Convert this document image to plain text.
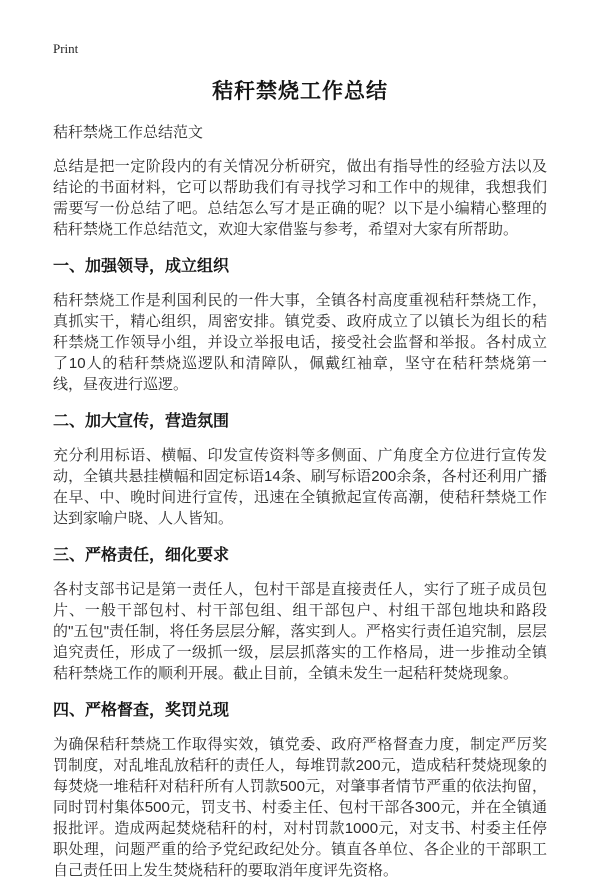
Print
秸秆禁烧工作总结
秸秆禁烧工作总结范文

总结是把一定阶段内的有关情况分析研究，做出有指导性的经验方法以及结论的书面材料，它可以帮助我们有寻找学习和工作中的规律，我想我们需要写一份总结了吧。总结怎么写才是正确的呢？以下是小编精心整理的秸秆禁烧工作总结范文，欢迎大家借鉴与参考，希望对大家有所帮助。

一、加强领导，成立组织

秸秆禁烧工作是利国利民的一件大事，全镇各村高度重视秸秆禁烧工作，真抓实干，精心组织，周密安排。镇党委、政府成立了以镇长为组长的秸秆禁烧工作领导小组，并设立举报电话，接受社会监督和举报。各村成立了10人的秸秆禁烧巡逻队和清障队，佩戴红袖章，坚守在秸秆禁烧第一线，昼夜进行巡逻。

二、加大宣传，营造氛围

充分利用标语、横幅、印发宣传资料等多侧面、广角度全方位进行宣传发动，全镇共悬挂横幅和固定标语14条、刷写标语200余条，各村还利用广播在早、中、晚时间进行宣传，迅速在全镇掀起宣传高潮，使秸秆禁烧工作达到家喻户晓、人人皆知。

三、严格责任，细化要求

各村支部书记是第一责任人，包村干部是直接责任人，实行了班子成员包片、一般干部包村、村干部包组、组干部包户、村组干部包地块和路段的"五包"责任制，将任务层层分解，落实到人。严格实行责任追究制，层层追究责任，形成了一级抓一级，层层抓落实的工作格局，进一步推动全镇秸秆禁烧工作的顺利开展。截止目前，全镇未发生一起秸秆焚烧现象。

四、严格督查，奖罚兑现

为确保秸秆禁烧工作取得实效，镇党委、政府严格督查力度，制定严厉奖罚制度，对乱堆乱放秸秆的责任人，每堆罚款200元，造成秸秆焚烧现象的每焚烧一堆秸秆对秸秆所有人罚款500元，对肇事者情节严重的依法拘留，同时罚村集体500元，罚支书、村委主任、包村干部各300元，并在全镇通报批评。造成两起焚烧秸秆的村，对村罚款1000元，对支书、村委主任停职处理，问题严重的给予党纪政纪处分。镇直各单位、各企业的干部职工自己责任田上发生焚烧秸秆的要取消年度评先资格。
